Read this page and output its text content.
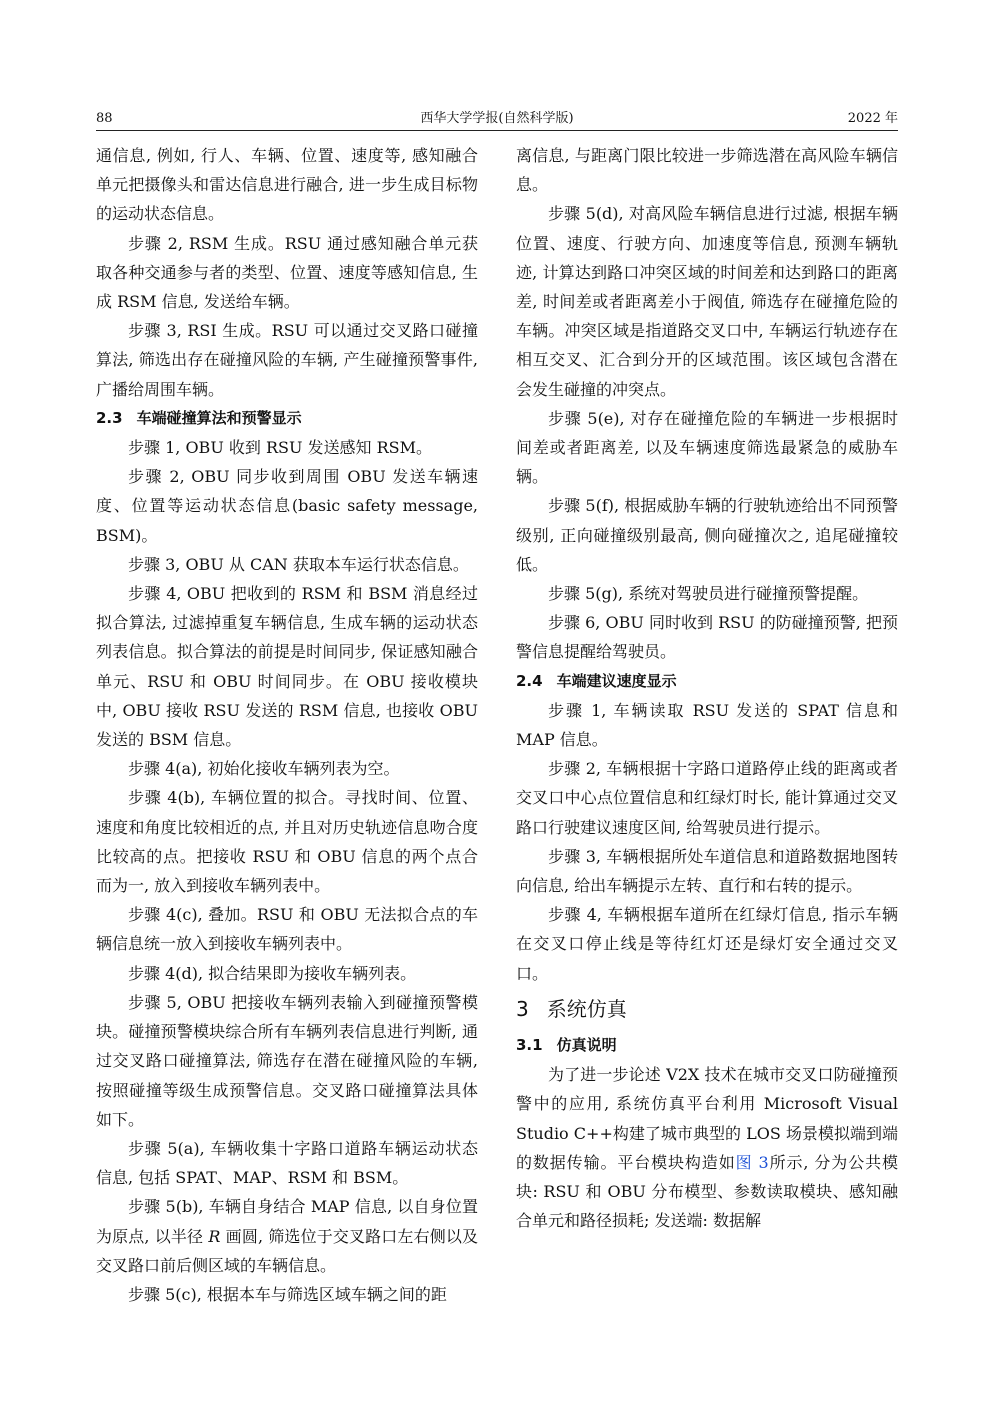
88	西华大学学报(自然科学版)	2022 年

通信息, 例如, 行人、车辆、位置、速度等, 感知融合单元把摄像头和雷达信息进行融合, 进一步生成目标物的运动状态信息。

步骤 2, RSM 生成。RSU 通过感知融合单元获取各种交通参与者的类型、位置、速度等感知信息, 生成 RSM 信息, 发送给车辆。

步骤 3, RSI 生成。RSU 可以通过交叉路口碰撞算法, 筛选出存在碰撞风险的车辆, 产生碰撞预警事件, 广播给周围车辆。

2.3 车端碰撞算法和预警显示

步骤 1, OBU 收到 RSU 发送感知 RSM。

步骤 2, OBU 同步收到周围 OBU 发送车辆速度、位置等运动状态信息(basic safety message, BSM)。

步骤 3, OBU 从 CAN 获取本车运行状态信息。

步骤 4, OBU 把收到的 RSM 和 BSM 消息经过拟合算法, 过滤掉重复车辆信息, 生成车辆的运动状态列表信息。拟合算法的前提是时间同步, 保证感知融合单元、RSU 和 OBU 时间同步。在 OBU 接收模块中, OBU 接收 RSU 发送的 RSM 信息, 也接收 OBU 发送的 BSM 信息。

步骤 4(a), 初始化接收车辆列表为空。

步骤 4(b), 车辆位置的拟合。寻找时间、位置、速度和角度比较相近的点, 并且对历史轨迹信息吻合度比较高的点。把接收 RSU 和 OBU 信息的两个点合而为一, 放入到接收车辆列表中。

步骤 4(c), 叠加。RSU 和 OBU 无法拟合点的车辆信息统一放入到接收车辆列表中。

步骤 4(d), 拟合结果即为接收车辆列表。

步骤 5, OBU 把接收车辆列表输入到碰撞预警模块。碰撞预警模块综合所有车辆列表信息进行判断, 通过交叉路口碰撞算法, 筛选存在潜在碰撞风险的车辆, 按照碰撞等级生成预警信息。交叉路口碰撞算法具体如下。

步骤 5(a), 车辆收集十字路口道路车辆运动状态信息, 包括 SPAT、MAP、RSM 和 BSM。

步骤 5(b), 车辆自身结合 MAP 信息, 以自身位置为原点, 以半径 R 画圆, 筛选位于交叉路口左右侧以及交叉路口前后侧区域的车辆信息。

步骤 5(c), 根据本车与筛选区域车辆之间的距

离信息, 与距离门限比较进一步筛选潜在高风险车辆信息。

步骤 5(d), 对高风险车辆信息进行过滤, 根据车辆位置、速度、行驶方向、加速度等信息, 预测车辆轨迹, 计算达到路口冲突区域的时间差和达到路口的距离差, 时间差或者距离差小于阀值, 筛选存在碰撞危险的车辆。冲突区域是指道路交叉口中, 车辆运行轨迹存在相互交叉、汇合到分开的区域范围。该区域包含潜在会发生碰撞的冲突点。

步骤 5(e), 对存在碰撞危险的车辆进一步根据时间差或者距离差, 以及车辆速度筛选最紧急的威胁车辆。

步骤 5(f), 根据威胁车辆的行驶轨迹给出不同预警级别, 正向碰撞级别最高, 侧向碰撞次之, 追尾碰撞较低。

步骤 5(g), 系统对驾驶员进行碰撞预警提醒。

步骤 6, OBU 同时收到 RSU 的防碰撞预警, 把预警信息提醒给驾驶员。

2.4 车端建议速度显示

步骤 1, 车辆读取 RSU 发送的 SPAT 信息和 MAP 信息。

步骤 2, 车辆根据十字路口道路停止线的距离或者交叉口中心点位置信息和红绿灯时长, 能计算通过交叉路口行驶建议速度区间, 给驾驶员进行提示。

步骤 3, 车辆根据所处车道信息和道路数据地图转向信息, 给出车辆提示左转、直行和右转的提示。

步骤 4, 车辆根据车道所在红绿灯信息, 指示车辆在交叉口停止线是等待红灯还是绿灯安全通过交叉口。

3 系统仿真
3.1 仿真说明

为了进一步论述 V2X 技术在城市交叉口防碰撞预警中的应用, 系统仿真平台利用 Microsoft Visual Studio C++构建了城市典型的 LOS 场景模拟端到端的数据传输。平台模块构造如图 3所示, 分为公共模块: RSU 和 OBU 分布模型、参数读取模块、感知融合单元和路径损耗; 发送端: 数据解
